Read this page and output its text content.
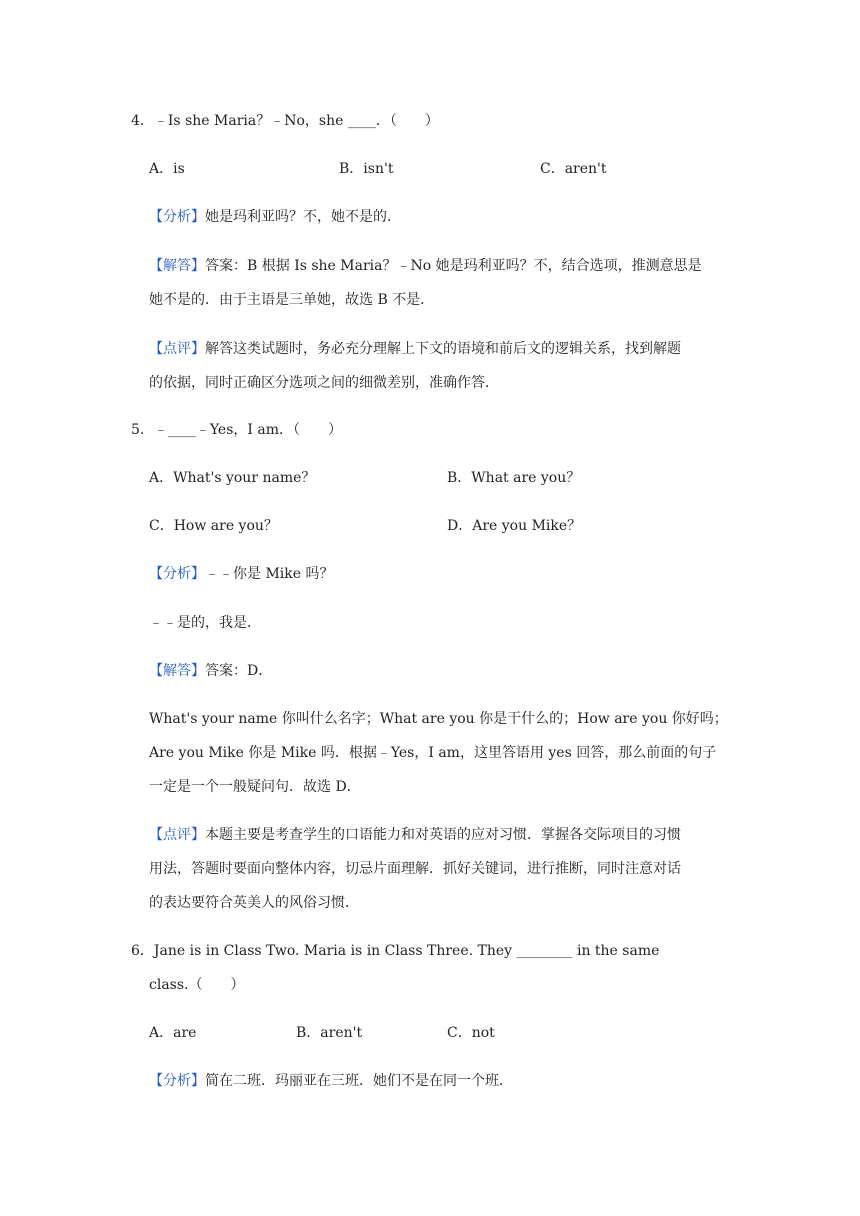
4．﹣Is she Maria？﹣No，she ____．（　　）
A．is	B．isn't	C．aren't
【分析】她是玛利亚吗？不，她不是的．
【解答】答案：B 根据 Is she Maria？﹣No 她是玛利亚吗？不，结合选项，推测意思是
她不是的．由于主语是三单她，故选 B 不是．
【点评】解答这类试题时，务必充分理解上下文的语境和前后文的逻辑关系，找到解题
的依据，同时正确区分选项之间的细微差别，准确作答．
5．﹣____﹣Yes，I am．（　　）
A．What's your name？	B．What are you？
C．How are you？	D．Are you Mike？
【分析】﹣﹣你是 Mike 吗？
﹣﹣是的，我是．
【解答】答案：D．
What's your name 你叫什么名字；What are you 你是干什么的；How are you 你好吗；
Are you Mike 你是 Mike 吗．根据﹣Yes，I am，这里答语用 yes 回答，那么前面的句子
一定是一个一般疑问句．故选 D．
【点评】本题主要是考查学生的口语能力和对英语的应对习惯．掌握各交际项目的习惯
用法，答题时要面向整体内容，切忌片面理解．抓好关键词，进行推断，同时注意对话
的表达要符合英美人的风俗习惯．
6．Jane is in Class Two. Maria is in Class Three. They ________ in the same
class.（　　）
A．are	B．aren't	C．not
【分析】简在二班．玛丽亚在三班．她们不是在同一个班．
